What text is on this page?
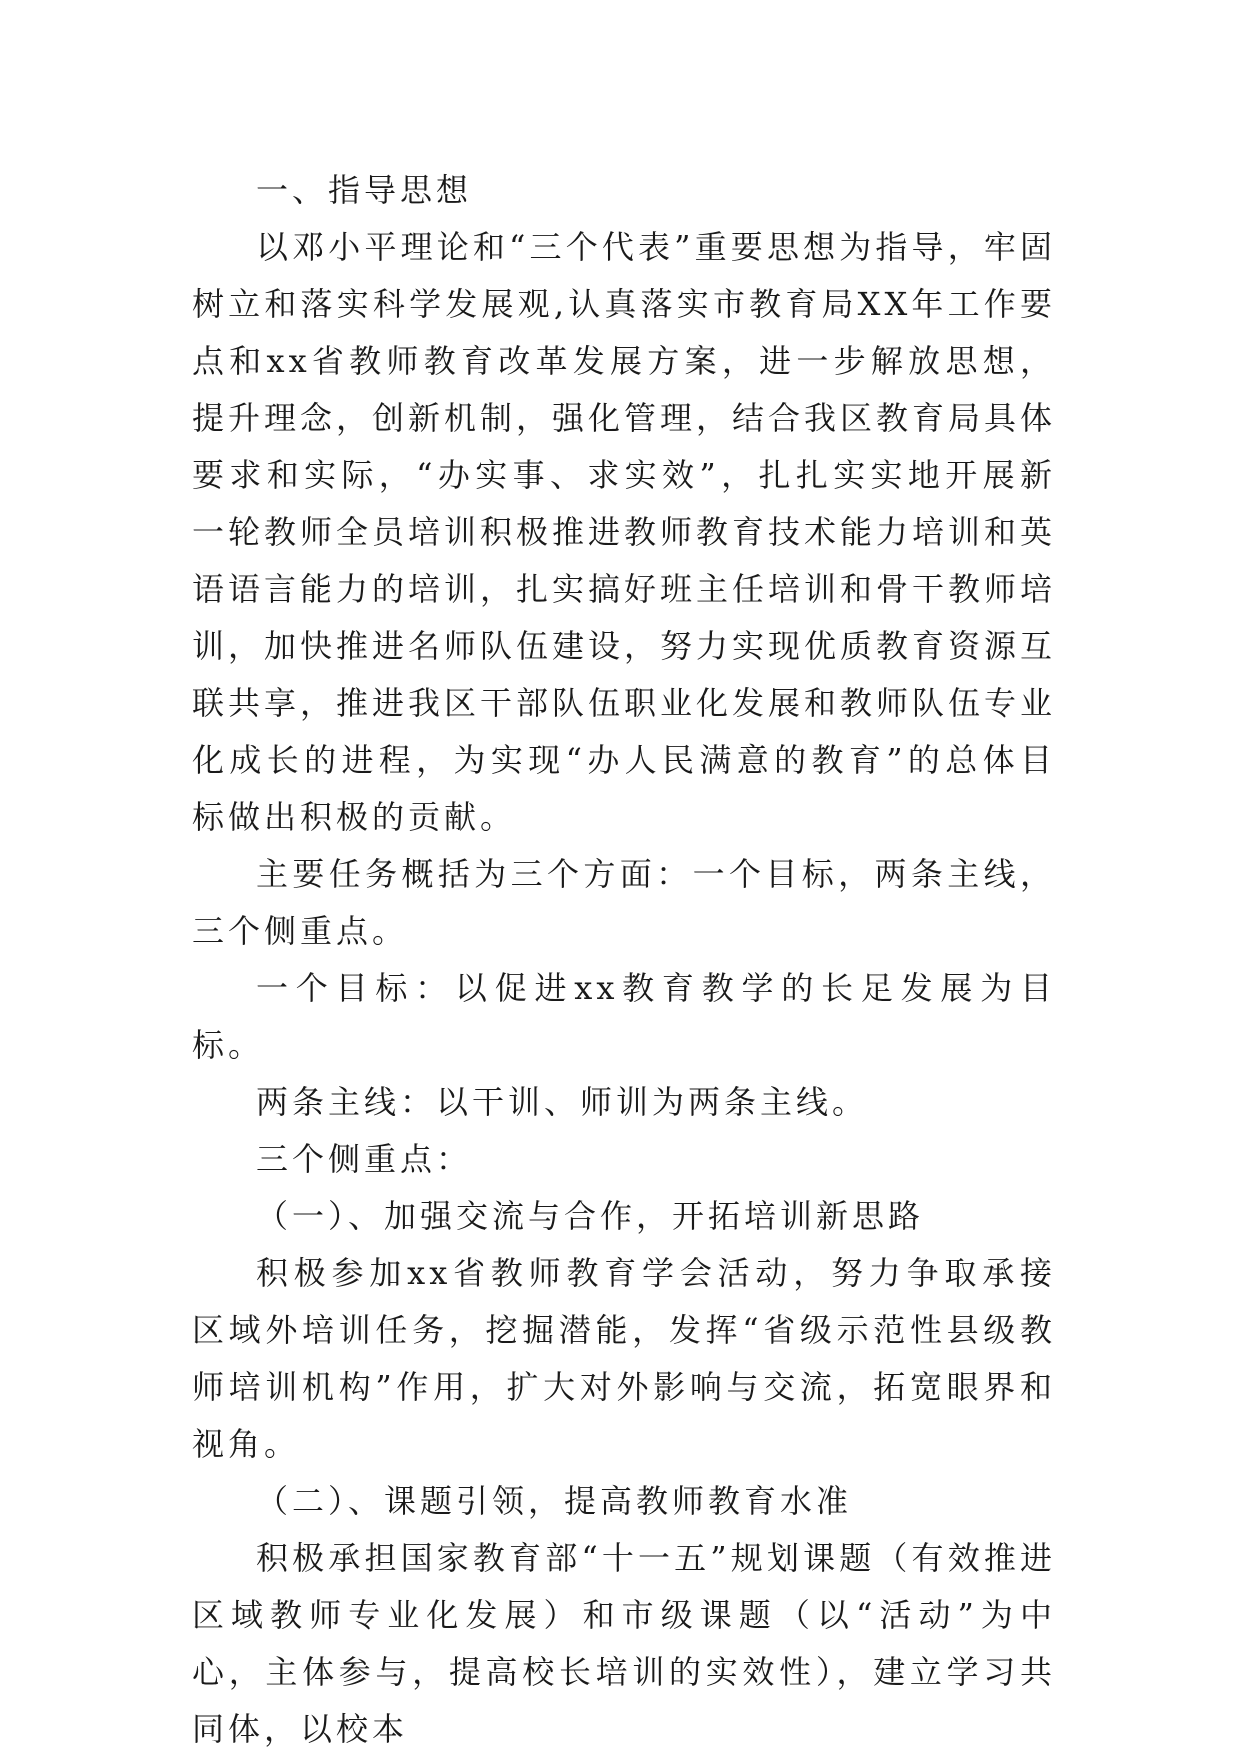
一、指导思想

以邓小平理论和“三个代表”重要思想为指导，牢固树立和落实科学发展观,认真落实市教育局XX年工作要点和xx省教师教育改革发展方案，进一步解放思想，提升理念，创新机制，强化管理，结合我区教育局具体要求和实际，“办实事、求实效”，扎扎实实地开展新一轮教师全员培训积极推进教师教育技术能力培训和英语语言能力的培训，扎实搞好班主任培训和骨干教师培训，加快推进名师队伍建设，努力实现优质教育资源互联共享，推进我区干部队伍职业化发展和教师队伍专业化成长的进程，为实现“办人民满意的教育”的总体目标做出积极的贡献。

主要任务概括为三个方面：一个目标，两条主线，三个侧重点。

一个目标：以促进xx教育教学的长足发展为目标。

两条主线：以干训、师训为两条主线。

三个侧重点：

（一）、加强交流与合作，开拓培训新思路

积极参加xx省教师教育学会活动，努力争取承接区域外培训任务，挖掘潜能，发挥“省级示范性县级教师培训机构”作用，扩大对外影响与交流，拓宽眼界和视角。

（二）、课题引领，提高教师教育水准

积极承担国家教育部“十一五”规划课题（有效推进区域教师专业化发展）和市级课题（以“活动”为中心，主体参与，提高校长培训的实效性），建立学习共同体，以校本
